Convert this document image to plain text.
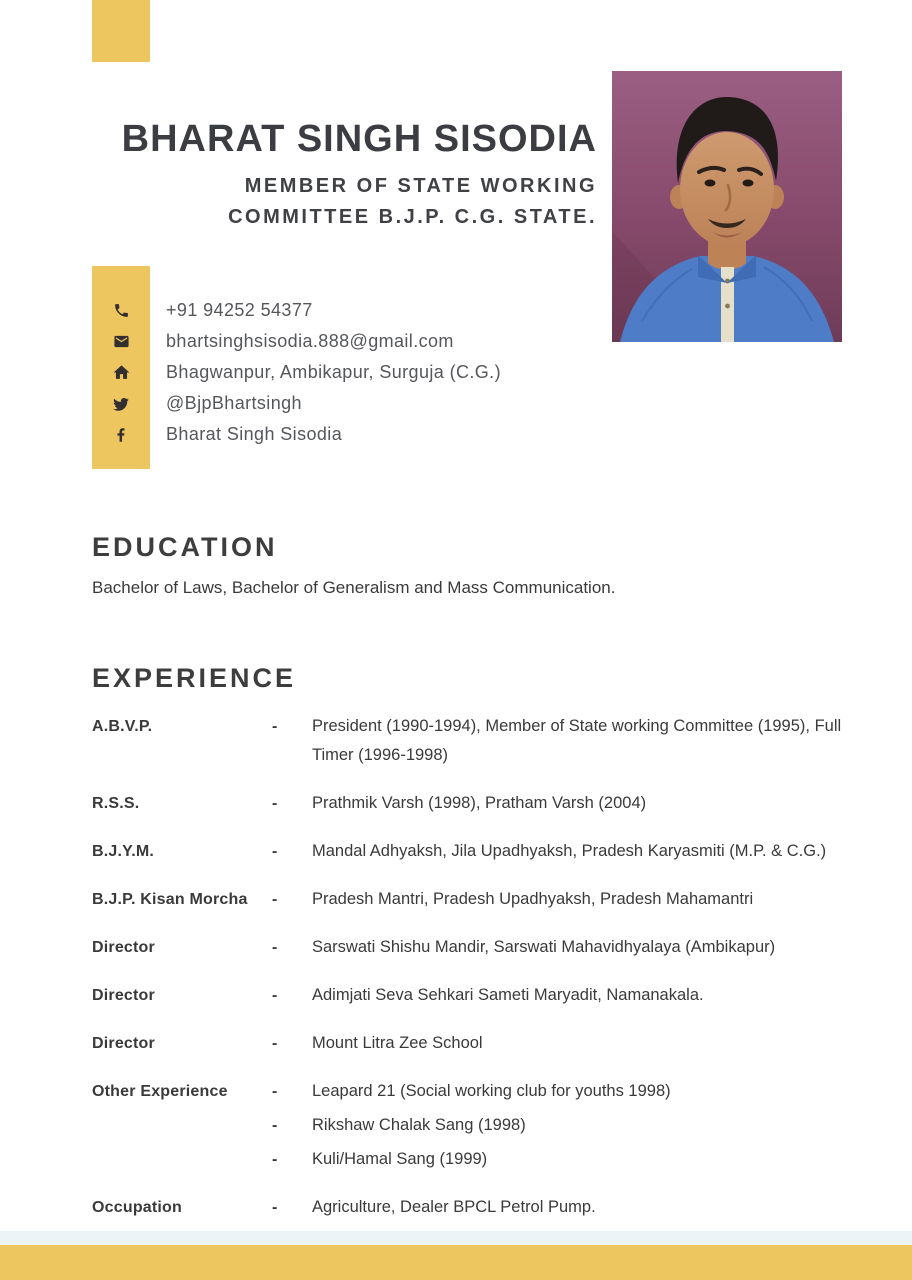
BHARAT SINGH SISODIA
MEMBER OF STATE WORKING
COMMITTEE B.J.P. C.G. STATE.
+91 94252 54377
bhartsinghsisodia.888@gmail.com
Bhagwanpur, Ambikapur, Surguja (C.G.)
@BjpBhartsingh
Bharat Singh Sisodia
EDUCATION
Bachelor of Laws, Bachelor of Generalism and Mass Communication.
EXPERIENCE
A.B.V.P.	-	President (1990-1994), Member of State working Committee (1995), Full Timer (1996-1998)
R.S.S.	-	Prathmik Varsh (1998), Pratham Varsh (2004)
B.J.Y.M.	-	Mandal Adhyaksh, Jila Upadhyaksh, Pradesh Karyasmiti (M.P. & C.G.)
B.J.P. Kisan Morcha	-	Pradesh Mantri, Pradesh Upadhyaksh, Pradesh Mahamantri
Director	-	Sarswati Shishu Mandir, Sarswati Mahavidhyalaya (Ambikapur)
Director	-	Adimjati Seva Sehkari Sameti Maryadit, Namanakala.
Director	-	Mount Litra Zee School
Other Experience	-	Leapard 21 (Social working club for youths 1998)
-	Rikshaw Chalak Sang (1998)
-	Kuli/Hamal Sang (1999)
Occupation	-	Agriculture, Dealer BPCL Petrol Pump.
